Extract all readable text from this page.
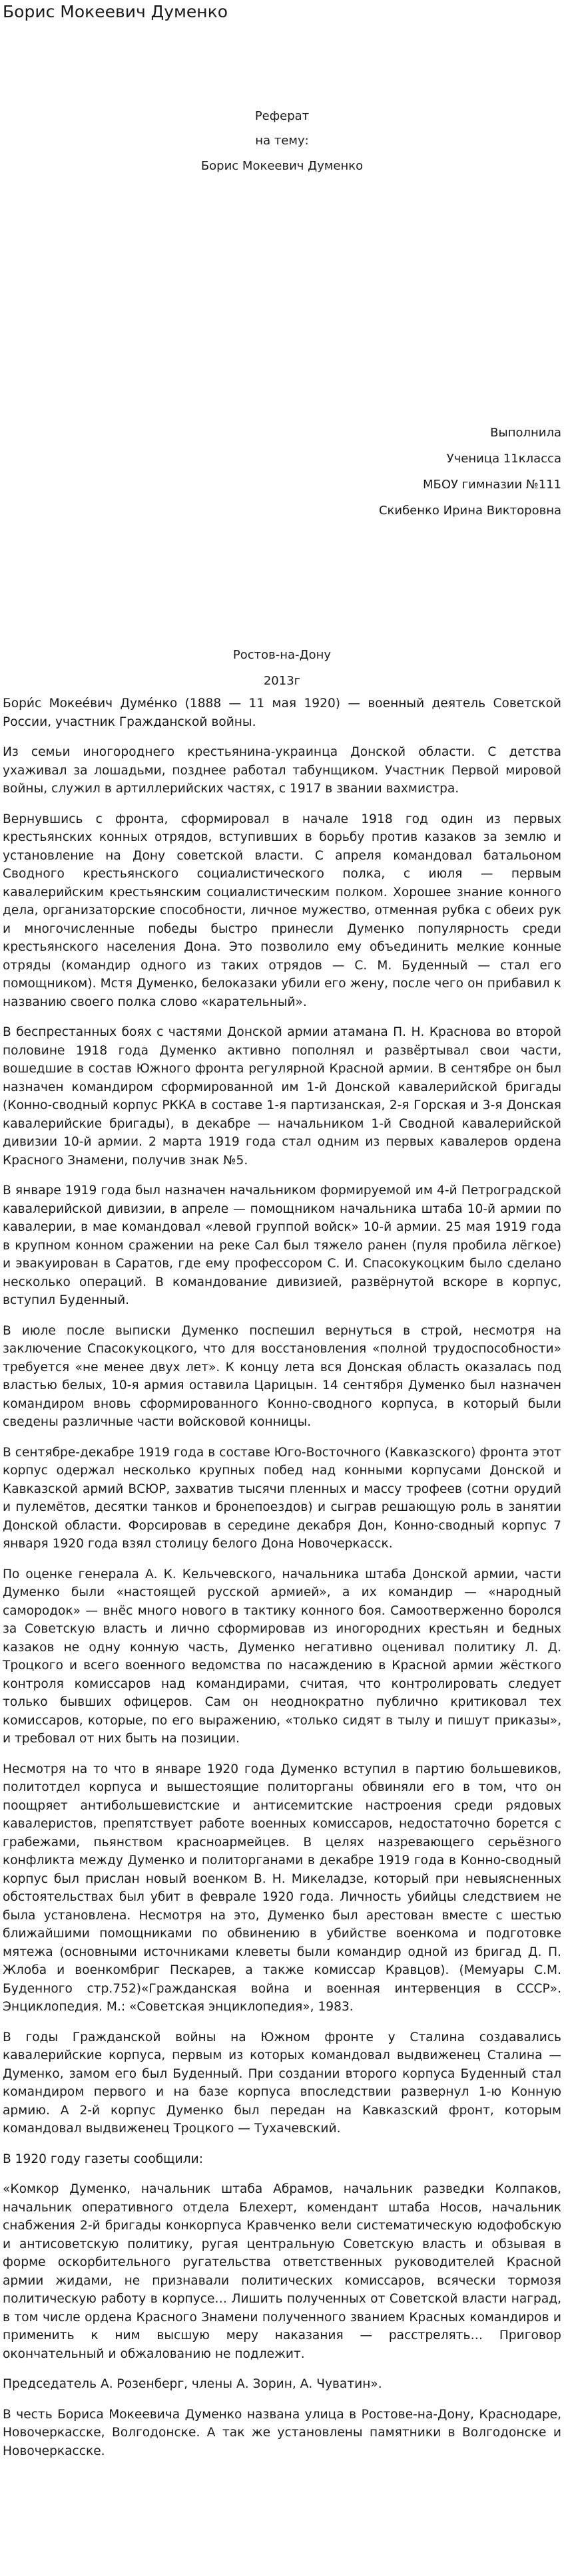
Борис Мокеевич Думенко
Реферат
на тему:
Борис Мокеевич Думенко
Выполнила
Ученица 11класса
МБОУ гимназии №111
Скибенко Ирина Викторовна
Ростов-на-Дону
2013г

Бори́с Мокее́вич Думе́нко (1888 — 11 мая 1920) — военный деятель Советской России, участник Гражданской войны.

Из семьи иногороднего крестьянина-украинца Донской области. С детства ухаживал за лошадьми, позднее работал табунщиком. Участник Первой мировой войны, служил в артиллерийских частях, с 1917 в звании вахмистра.

Вернувшись с фронта, сформировал в начале 1918 год один из первых крестьянских конных отрядов, вступивших в борьбу против казаков за землю и установление на Дону советской власти. С апреля командовал батальоном Сводного крестьянского социалистического полка, с июля — первым кавалерийским крестьянским социалистическим полком. Хорошее знание конного дела, организаторские способности, личное мужество, отменная рубка с обеих рук и многочисленные победы быстро принесли Думенко популярность среди крестьянского населения Дона. Это позволило ему объединить мелкие конные отряды (командир одного из таких отрядов — С. М. Буденный — стал его помощником). Мстя Думенко, белоказаки убили его жену, после чего он прибавил к названию своего полка слово «карательный».

В беспрестанных боях с частями Донской армии атамана П. Н. Краснова во второй половине 1918 года Думенко активно пополнял и развёртывал свои части, вошедшие в состав Южного фронта регулярной Красной армии. В сентябре он был назначен командиром сформированной им 1-й Донской кавалерийской бригады (Конно-сводный корпус РККА в составе 1-я партизанская, 2-я Горская и 3-я Донская кавалерийские бригады), в декабре — начальником 1-й Сводной кавалерийской дивизии 10-й армии. 2 марта 1919 года стал одним из первых кавалеров ордена Красного Знамени, получив знак №5.

В январе 1919 года был назначен начальником формируемой им 4-й Петроградской кавалерийской дивизии, в апреле — помощником начальника штаба 10-й армии по кавалерии, в мае командовал «левой группой войск» 10-й армии. 25 мая 1919 года в крупном конном сражении на реке Сал был тяжело ранен (пуля пробила лёгкое) и эвакуирован в Саратов, где ему профессором С. И. Спасокукоцким было сделано несколько операций. В командование дивизией, развёрнутой вскоре в корпус, вступил Буденный.

В июле после выписки Думенко поспешил вернуться в строй, несмотря на заключение Спасокукоцкого, что для восстановления «полной трудоспособности» требуется «не менее двух лет». К концу лета вся Донская область оказалась под властью белых, 10-я армия оставила Царицын. 14 сентября Думенко был назначен командиром вновь сформированного Конно-сводного корпуса, в который были сведены различные части войсковой конницы.

В сентябре-декабре 1919 года в составе Юго-Восточного (Кавказского) фронта этот корпус одержал несколько крупных побед над конными корпусами Донской и Кавказской армий ВСЮР, захватив тысячи пленных и массу трофеев (сотни орудий и пулемётов, десятки танков и бронепоездов) и сыграв решающую роль в занятии Донской области. Форсировав в середине декабря Дон, Конно-сводный корпус 7 января 1920 года взял столицу белого Дона Новочеркасск.

По оценке генерала А. К. Кельчевского, начальника штаба Донской армии, части Думенко были «настоящей русской армией», а их командир — «народный самородок» — внёс много нового в тактику конного боя. Самоотверженно боролся за Советскую власть и лично сформировав из иногородних крестьян и бедных казаков не одну конную часть, Думенко негативно оценивал политику Л. Д. Троцкого и всего военного ведомства по насаждению в Красной армии жёсткого контроля комиссаров над командирами, считая, что контролировать следует только бывших офицеров. Сам он неоднократно публично критиковал тех комиссаров, которые, по его выражению, «только сидят в тылу и пишут приказы», и требовал от них быть на позиции.

Несмотря на то что в январе 1920 года Думенко вступил в партию большевиков, политотдел корпуса и вышестоящие политорганы обвиняли его в том, что он поощряет антибольшевистские и антисемитские настроения среди рядовых кавалеристов, препятствует работе военных комиссаров, недостаточно борется с грабежами, пьянством красноармейцев. В целях назревающего серьёзного конфликта между Думенко и политорганами в декабре 1919 года в Конно-сводный корпус был прислан новый военком В. Н. Микеладзе, который при невыясненных обстоятельствах был убит в феврале 1920 года. Личность убийцы следствием не была установлена. Несмотря на это, Думенко был арестован вместе с шестью ближайшими помощниками по обвинению в убийстве военкома и подготовке мятежа (основными источниками клеветы были командир одной из бригад Д. П. Жлоба и военкомбриг Пескарев, а также комиссар Кравцов). (Мемуары С.М. Буденного стр.752)«Гражданская война и военная интервенция в СССР». Энциклопедия. М.: «Советская энциклопедия», 1983.

В годы Гражданской войны на Южном фронте у Сталина создавались кавалерийские корпуса, первым из которых командовал выдвиженец Сталина — Думенко, замом его был Буденный. При создании второго корпуса Буденный стал командиром первого и на базе корпуса впоследствии развернул 1-ю Конную армию. А 2-й корпус Думенко был передан на Кавказский фронт, которым командовал выдвиженец Троцкого — Тухачевский.

В 1920 году газеты сообщили:

«Комкор Думенко, начальник штаба Абрамов, начальник разведки Колпаков, начальник оперативного отдела Блехерт, комендант штаба Носов, начальник снабжения 2-й бригады конкорпуса Кравченко вели систематическую юдофобскую и антисоветскую политику, ругая центральную Советскую власть и обзывая в форме оскорбительного ругательства ответственных руководителей Красной армии жидами, не признавали политических комиссаров, всячески тормозя политическую работу в корпусе… Лишить полученных от Советской власти наград, в том числе ордена Красного Знамени полученного званием Красных командиров и применить к ним высшую меру наказания — расстрелять… Приговор окончательный и обжалованию не подлежит.

Председатель А. Розенберг, члены А. Зорин, А. Чуватин».

В честь Бориса Мокеевича Думенко названа улица в Ростове-на-Дону, Краснодаре, Новочеркасске, Волгодонске. А так же установлены памятники в Волгодонске и Новочеркасске.
